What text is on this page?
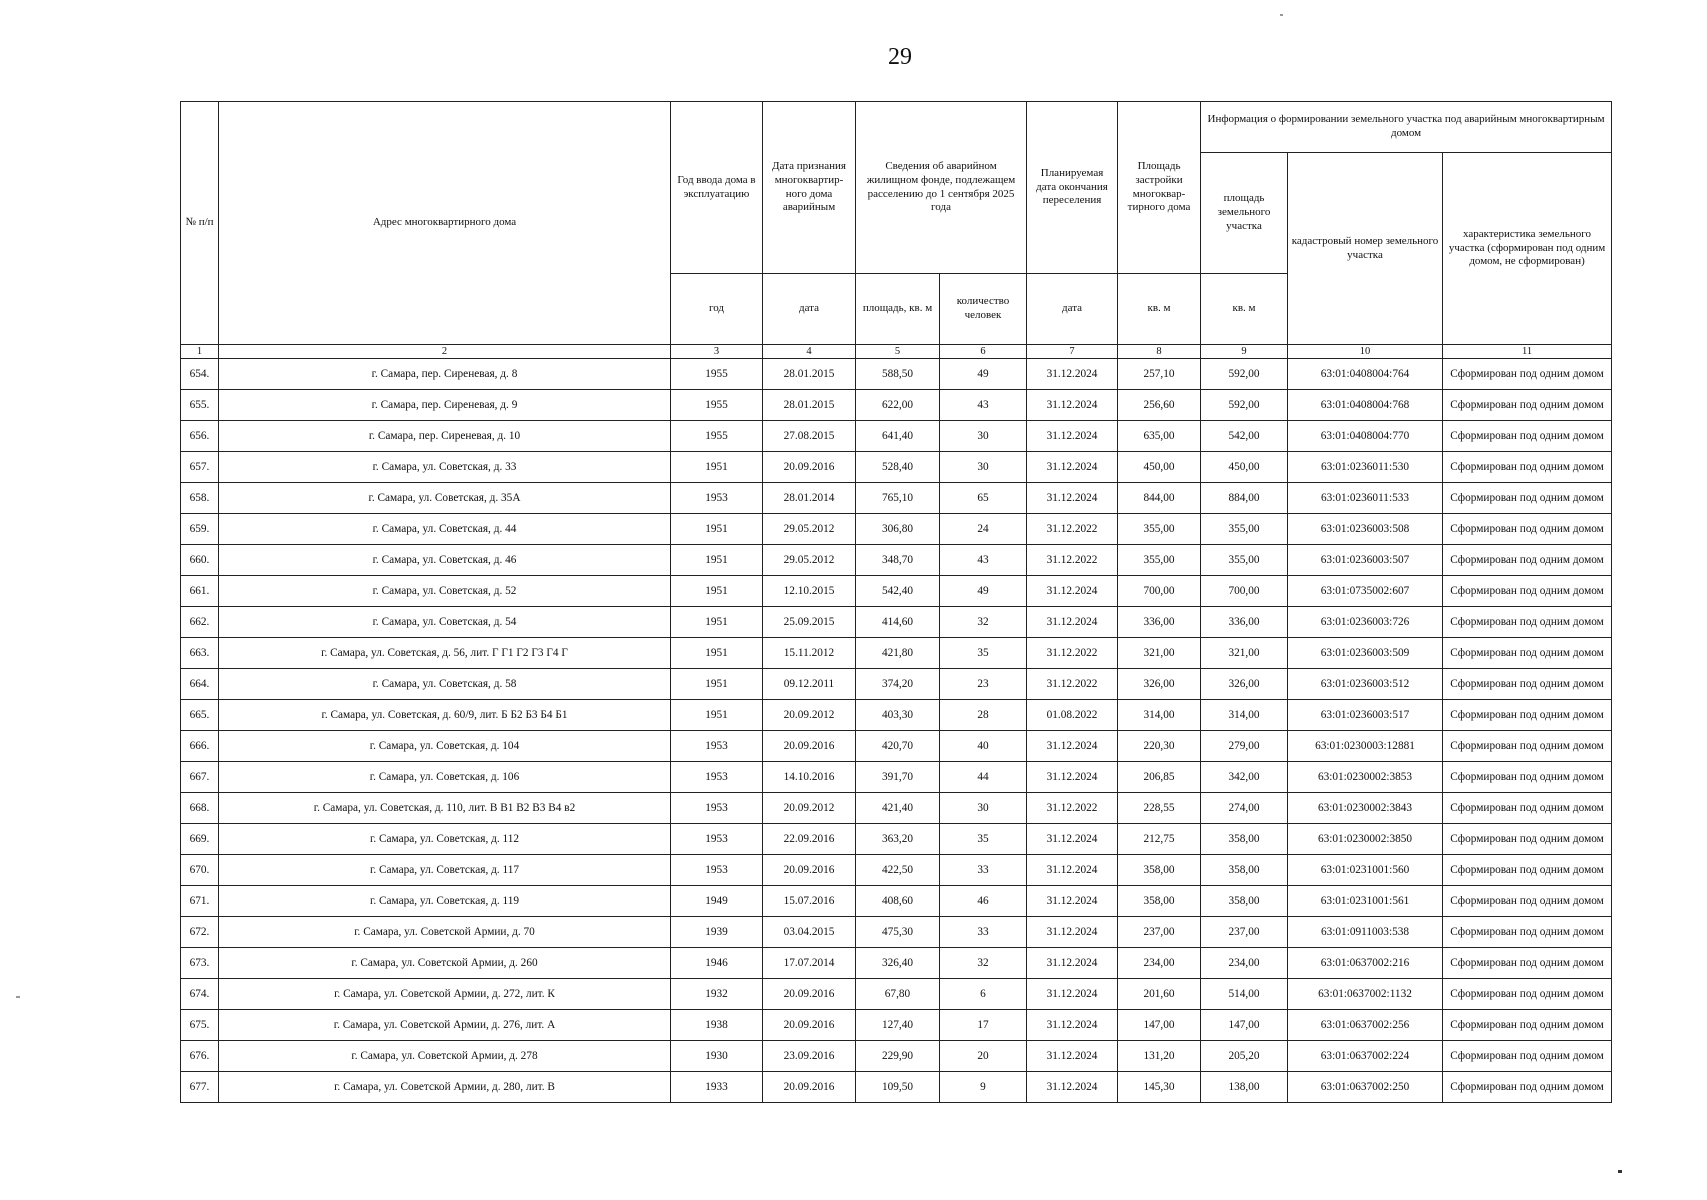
29
№ п/п	Адрес многоквартирного дома	Год ввода дома в эксплуатацию	Дата признания многоквартир-ного дома аварийным	Сведения об аварийном жилищном фонде, подлежащем расселению до 1 сентября 2025 года		Планируемая дата окончания переселения	Площадь застройки многоквар-тирного дома	Информация о формировании земельного участка под аварийным многоквартирным домом		
								площадь земельного участка	кадастровый номер земельного участка	характеристика земельного участка (сформирован под одним домом, не сформирован)
		год	дата	площадь, кв. м	количество человек	дата	кв. м	кв. м		
1	2	3	4	5	6	7	8	9	10	11
654.	г. Самара, пер. Сиреневая, д. 8	1955	28.01.2015	588,50	49	31.12.2024	257,10	592,00	63:01:0408004:764	Сформирован под одним домом
655.	г. Самара, пер. Сиреневая, д. 9	1955	28.01.2015	622,00	43	31.12.2024	256,60	592,00	63:01:0408004:768	Сформирован под одним домом
656.	г. Самара, пер. Сиреневая, д. 10	1955	27.08.2015	641,40	30	31.12.2024	635,00	542,00	63:01:0408004:770	Сформирован под одним домом
657.	г. Самара, ул. Советская, д. 33	1951	20.09.2016	528,40	30	31.12.2024	450,00	450,00	63:01:0236011:530	Сформирован под одним домом
658.	г. Самара, ул. Советская, д. 35А	1953	28.01.2014	765,10	65	31.12.2024	844,00	884,00	63:01:0236011:533	Сформирован под одним домом
659.	г. Самара, ул. Советская, д. 44	1951	29.05.2012	306,80	24	31.12.2022	355,00	355,00	63:01:0236003:508	Сформирован под одним домом
660.	г. Самара, ул. Советская, д. 46	1951	29.05.2012	348,70	43	31.12.2022	355,00	355,00	63:01:0236003:507	Сформирован под одним домом
661.	г. Самара, ул. Советская, д. 52	1951	12.10.2015	542,40	49	31.12.2024	700,00	700,00	63:01:0735002:607	Сформирован под одним домом
662.	г. Самара, ул. Советская, д. 54	1951	25.09.2015	414,60	32	31.12.2024	336,00	336,00	63:01:0236003:726	Сформирован под одним домом
663.	г. Самара, ул. Советская, д. 56, лит. Г Г1 Г2 Г3 Г4 Г	1951	15.11.2012	421,80	35	31.12.2022	321,00	321,00	63:01:0236003:509	Сформирован под одним домом
664.	г. Самара, ул. Советская, д. 58	1951	09.12.2011	374,20	23	31.12.2022	326,00	326,00	63:01:0236003:512	Сформирован под одним домом
665.	г. Самара, ул. Советская, д. 60/9, лит. Б Б2 Б3 Б4 Б1	1951	20.09.2012	403,30	28	01.08.2022	314,00	314,00	63:01:0236003:517	Сформирован под одним домом
666.	г. Самара, ул. Советская, д. 104	1953	20.09.2016	420,70	40	31.12.2024	220,30	279,00	63:01:0230003:12881	Сформирован под одним домом
667.	г. Самара, ул. Советская, д. 106	1953	14.10.2016	391,70	44	31.12.2024	206,85	342,00	63:01:0230002:3853	Сформирован под одним домом
668.	г. Самара, ул. Советская, д. 110, лит. В В1 В2 В3 В4 в2	1953	20.09.2012	421,40	30	31.12.2022	228,55	274,00	63:01:0230002:3843	Сформирован под одним домом
669.	г. Самара, ул. Советская, д. 112	1953	22.09.2016	363,20	35	31.12.2024	212,75	358,00	63:01:0230002:3850	Сформирован под одним домом
670.	г. Самара, ул. Советская, д. 117	1953	20.09.2016	422,50	33	31.12.2024	358,00	358,00	63:01:0231001:560	Сформирован под одним домом
671.	г. Самара, ул. Советская, д. 119	1949	15.07.2016	408,60	46	31.12.2024	358,00	358,00	63:01:0231001:561	Сформирован под одним домом
672.	г. Самара, ул. Советской Армии, д. 70	1939	03.04.2015	475,30	33	31.12.2024	237,00	237,00	63:01:0911003:538	Сформирован под одним домом
673.	г. Самара, ул. Советской Армии, д. 260	1946	17.07.2014	326,40	32	31.12.2024	234,00	234,00	63:01:0637002:216	Сформирован под одним домом
674.	г. Самара, ул. Советской Армии, д. 272, лит. К	1932	20.09.2016	67,80	6	31.12.2024	201,60	514,00	63:01:0637002:1132	Сформирован под одним домом
675.	г. Самара, ул. Советской Армии, д. 276, лит. А	1938	20.09.2016	127,40	17	31.12.2024	147,00	147,00	63:01:0637002:256	Сформирован под одним домом
676.	г. Самара, ул. Советской Армии, д. 278	1930	23.09.2016	229,90	20	31.12.2024	131,20	205,20	63:01:0637002:224	Сформирован под одним домом
677.	г. Самара, ул. Советской Армии, д. 280, лит. В	1933	20.09.2016	109,50	9	31.12.2024	145,30	138,00	63:01:0637002:250	Сформирован под одним домом
